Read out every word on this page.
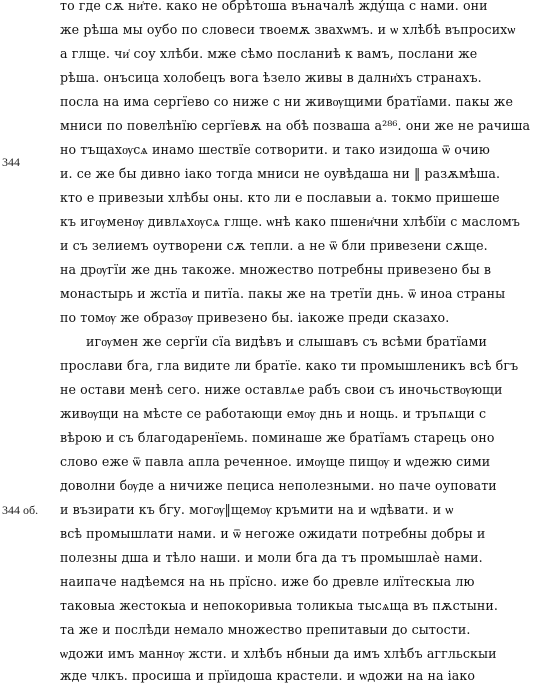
344
344 об.
то где сѫ ни͑те. како не обрѣтоша въначалѣ жду́ща с нами. они
же рѣша мы оубо по словеси твоемѫ звахѡмъ. и ѡ хлѣбѣ въпросихѡ
а глще. чи͑ соу хлѣби. мже сѣмо посланиѣ к вамъ, послани же
рѣша. онъсица холобецъ вога ѣзело живы в дални͑хъ странахъ.
посла на има сергїево со ниже с ни живѹщими братїами. пакы же
мниси по повелѣнїю сергїевѫ на обѣ позваша а²⁸⁶. они же не рачиша
но тъщахѹсѧ инамо шествїе сотворити. и тако изидоша ѿ очию
и. се же бы дивно іако тогда мниси не оувѣдаша ни ‖ разѫмѣша.
кто е привезыи хлѣбы оны. кто ли е пославыи а. токмо пришеше
къ игѹменѹ дивлѧхѹсѧ глще. ѡнѣ како пшени͑чни хлѣбїи с масломъ
и съ зелиемъ оутворени сѫ тепли. а не ѿ бли привезени сѫще.
на дрѹгїи же днь такоже. множество потребны привезено бы в
монастырь и жстїа и питїа. пакы же на третїи днь. ѿ иноа страны
по томѹ же образѹ привезено бы. іакоже преди сказахо.
игѹмен же сергїи сїа видѣвъ и слышавъ съ всѣми братїами
прослави бга, гла видите ли братїе. како ти промышленикъ всѣ бгъ
не остави менѣ сего. ниже оставлѧе рабъ свои съ иночьствѹющи
живѹщи на мѣсте се работающи емѹ днь и нощь. и тръпѧщи с
вѣрою и съ благодаренїемь. поминаше же братїамъ старець оно
слово еже ѿ павла апла реченное. имѹще пищѹ и ѡдежю сими
доволни бѹде а ничиже пециса неполезными. но паче оуповати
и възирати къ бгу. могѹ‖щемѹ кръмити на и ѡдѣвати. и ѡ
всѣ промышлати нами. и ѿ негоже ожидати потребны добры и
полезны дша и тѣло наши. и моли бга да тъ промышлаѐ нами.
наипаче надѣемся на нь прїсно. иже бо древле илїтескыа лю
таковыа жестокыа и непокоривыа толикыа тысѧща въ пѫстыни.
та же и послѣди немало множество препитавыи до сытости.
ѡдожи имъ маннѹ жсти. и хлѣбъ нбныи да имъ хлѣбъ аггльскыи
жде члкъ. просиша и прїидоша крастели. и ѡдожи на на іако
